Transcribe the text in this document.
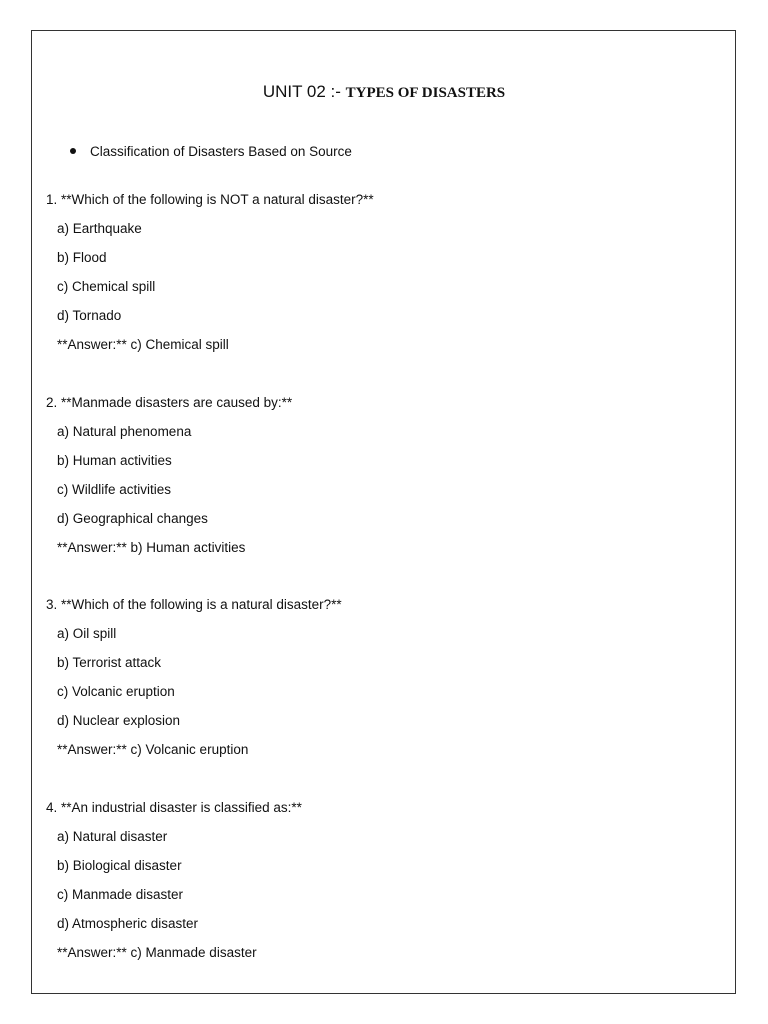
UNIT 02 :- TYPES OF DISASTERS
Classification of Disasters Based on Source
1. **Which of the following is NOT a natural disaster?**
a) Earthquake
b) Flood
c) Chemical spill
d) Tornado
**Answer:** c) Chemical spill
2. **Manmade disasters are caused by:**
a) Natural phenomena
b) Human activities
c) Wildlife activities
d) Geographical changes
**Answer:** b) Human activities
3. **Which of the following is a natural disaster?**
a) Oil spill
b) Terrorist attack
c) Volcanic eruption
d) Nuclear explosion
**Answer:** c) Volcanic eruption
4. **An industrial disaster is classified as:**
a) Natural disaster
b) Biological disaster
c) Manmade disaster
d) Atmospheric disaster
**Answer:** c) Manmade disaster
